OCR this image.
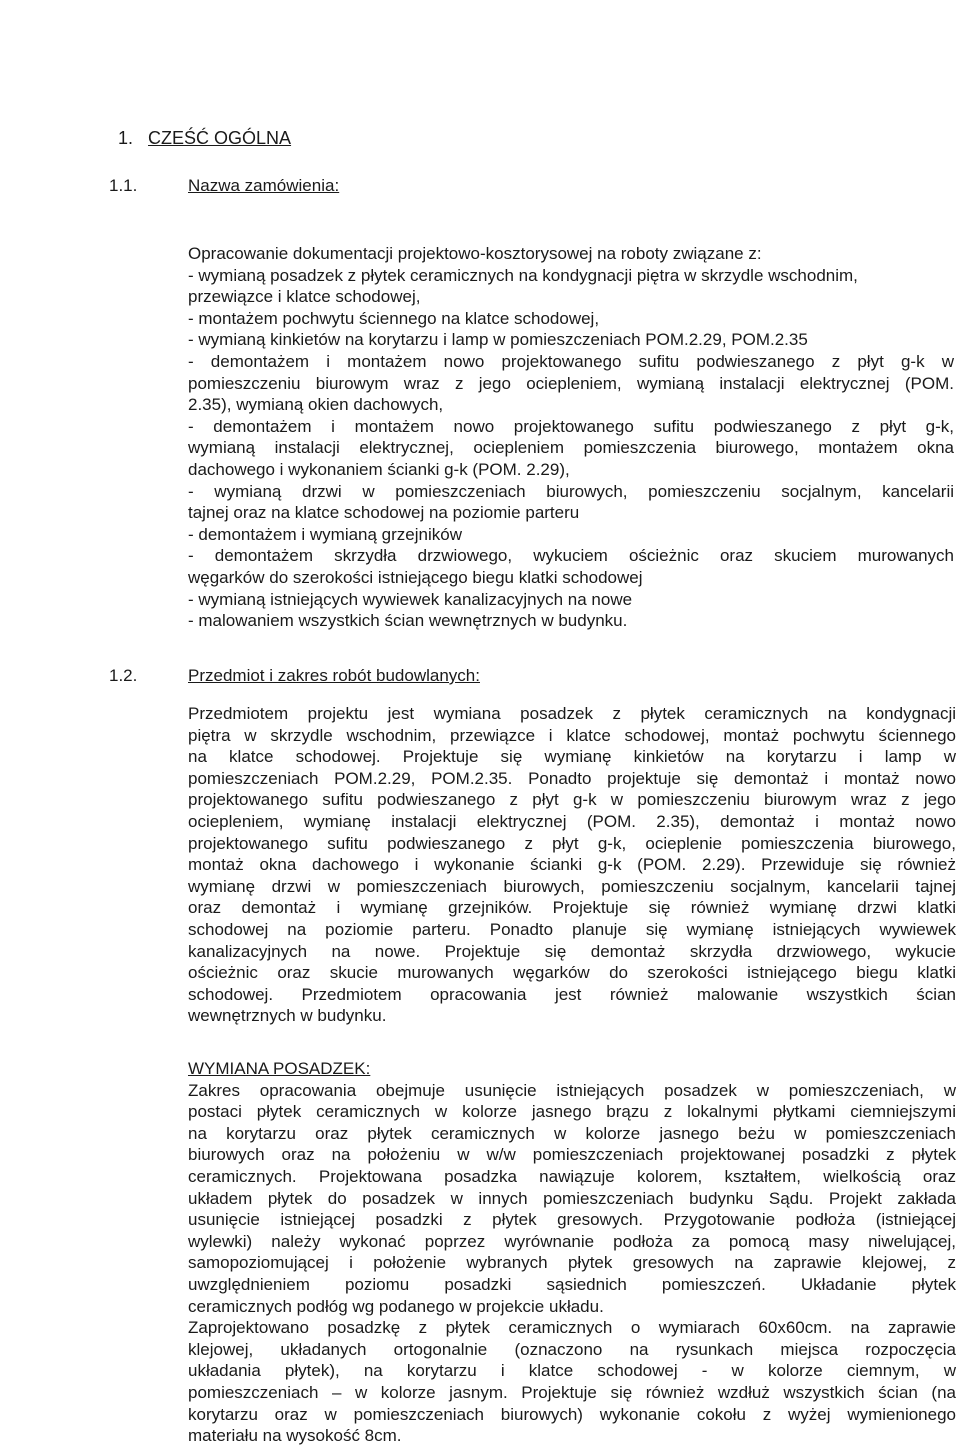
1. CZEŚĆ OGÓLNA
1.1.	Nazwa zamówienia:
Opracowanie dokumentacji projektowo-kosztorysowej na roboty związane z:
- wymianą posadzek z płytek ceramicznych na kondygnacji piętra w skrzydle wschodnim,
przewiązce i klatce schodowej,
- montażem pochwytu ściennego na klatce schodowej,
- wymianą kinkietów na korytarzu i lamp w pomieszczeniach POM.2.29, POM.2.35
- demontażem i montażem nowo projektowanego sufitu podwieszanego z płyt g-k w
pomieszczeniu biurowym wraz z jego ociepleniem, wymianą instalacji elektrycznej (POM.
2.35), wymianą okien dachowych,
- demontażem i montażem nowo projektowanego sufitu podwieszanego z płyt g-k,
wymianą instalacji elektrycznej, ociepleniem pomieszczenia biurowego, montażem okna
dachowego i wykonaniem ścianki g-k (POM. 2.29),
- wymianą drzwi w pomieszczeniach biurowych, pomieszczeniu socjalnym, kancelarii
tajnej oraz na klatce schodowej na poziomie parteru
- demontażem i wymianą grzejników
- demontażem skrzydła drzwiowego, wykuciem ościeżnic oraz skuciem murowanych
węgarków do szerokości istniejącego biegu klatki schodowej
- wymianą istniejących wywiewek kanalizacyjnych na nowe
- malowaniem wszystkich ścian wewnętrznych w budynku.
1.2.	Przedmiot i zakres robót budowlanych:
Przedmiotem projektu jest wymiana posadzek z płytek ceramicznych na kondygnacji
piętra w skrzydle wschodnim, przewiązce i klatce schodowej, montaż pochwytu ściennego
na klatce schodowej. Projektuje się wymianę kinkietów na korytarzu i lamp w
pomieszczeniach POM.2.29, POM.2.35. Ponadto projektuje się demontaż i montaż nowo
projektowanego sufitu podwieszanego z płyt g-k w pomieszczeniu biurowym wraz z jego
ociepleniem, wymianę instalacji elektrycznej (POM. 2.35), demontaż i montaż nowo
projektowanego sufitu podwieszanego z płyt g-k, ocieplenie pomieszczenia biurowego,
montaż okna dachowego i wykonanie ścianki g-k (POM. 2.29). Przewiduje się również
wymianę drzwi w pomieszczeniach biurowych, pomieszczeniu socjalnym, kancelarii tajnej
oraz demontaż i wymianę grzejników. Projektuje się również wymianę drzwi klatki
schodowej na poziomie parteru. Ponadto planuje się wymianę istniejących wywiewek
kanalizacyjnych na nowe. Projektuje się demontaż skrzydła drzwiowego, wykucie
ościeżnic oraz skucie murowanych węgarków do szerokości istniejącego biegu klatki
schodowej. Przedmiotem opracowania jest również malowanie wszystkich ścian
wewnętrznych w budynku.
WYMIANA POSADZEK:
Zakres opracowania obejmuje usunięcie istniejących posadzek w pomieszczeniach, w
postaci płytek ceramicznych w kolorze jasnego brązu z lokalnymi płytkami ciemniejszymi
na korytarzu oraz płytek ceramicznych w kolorze jasnego beżu w pomieszczeniach
biurowych oraz na położeniu w w/w pomieszczeniach projektowanej posadzki z płytek
ceramicznych. Projektowana posadzka nawiązuje kolorem, kształtem, wielkością oraz
układem płytek do posadzek w innych pomieszczeniach budynku Sądu. Projekt zakłada
usunięcie istniejącej posadzki z płytek gresowych. Przygotowanie podłoża (istniejącej
wylewki) należy wykonać poprzez wyrównanie podłoża za pomocą masy niwelującej,
samopoziomującej i położenie wybranych płytek gresowych na zaprawie klejowej, z
uwzględnieniem poziomu posadzki sąsiednich pomieszczeń. Układanie płytek
ceramicznych podłóg wg podanego w projekcie układu.
Zaprojektowano posadzkę z płytek ceramicznych o wymiarach 60x60cm. na zaprawie
klejowej, układanych ortogonalnie (oznaczono na rysunkach miejsca rozpoczęcia
układania płytek), na korytarzu i klatce schodowej - w kolorze ciemnym, w
pomieszczeniach – w kolorze jasnym. Projektuje się również wzdłuż wszystkich ścian (na
korytarzu oraz w pomieszczeniach biurowych) wykonanie cokołu z wyżej wymienionego
materiału na wysokość 8cm.
